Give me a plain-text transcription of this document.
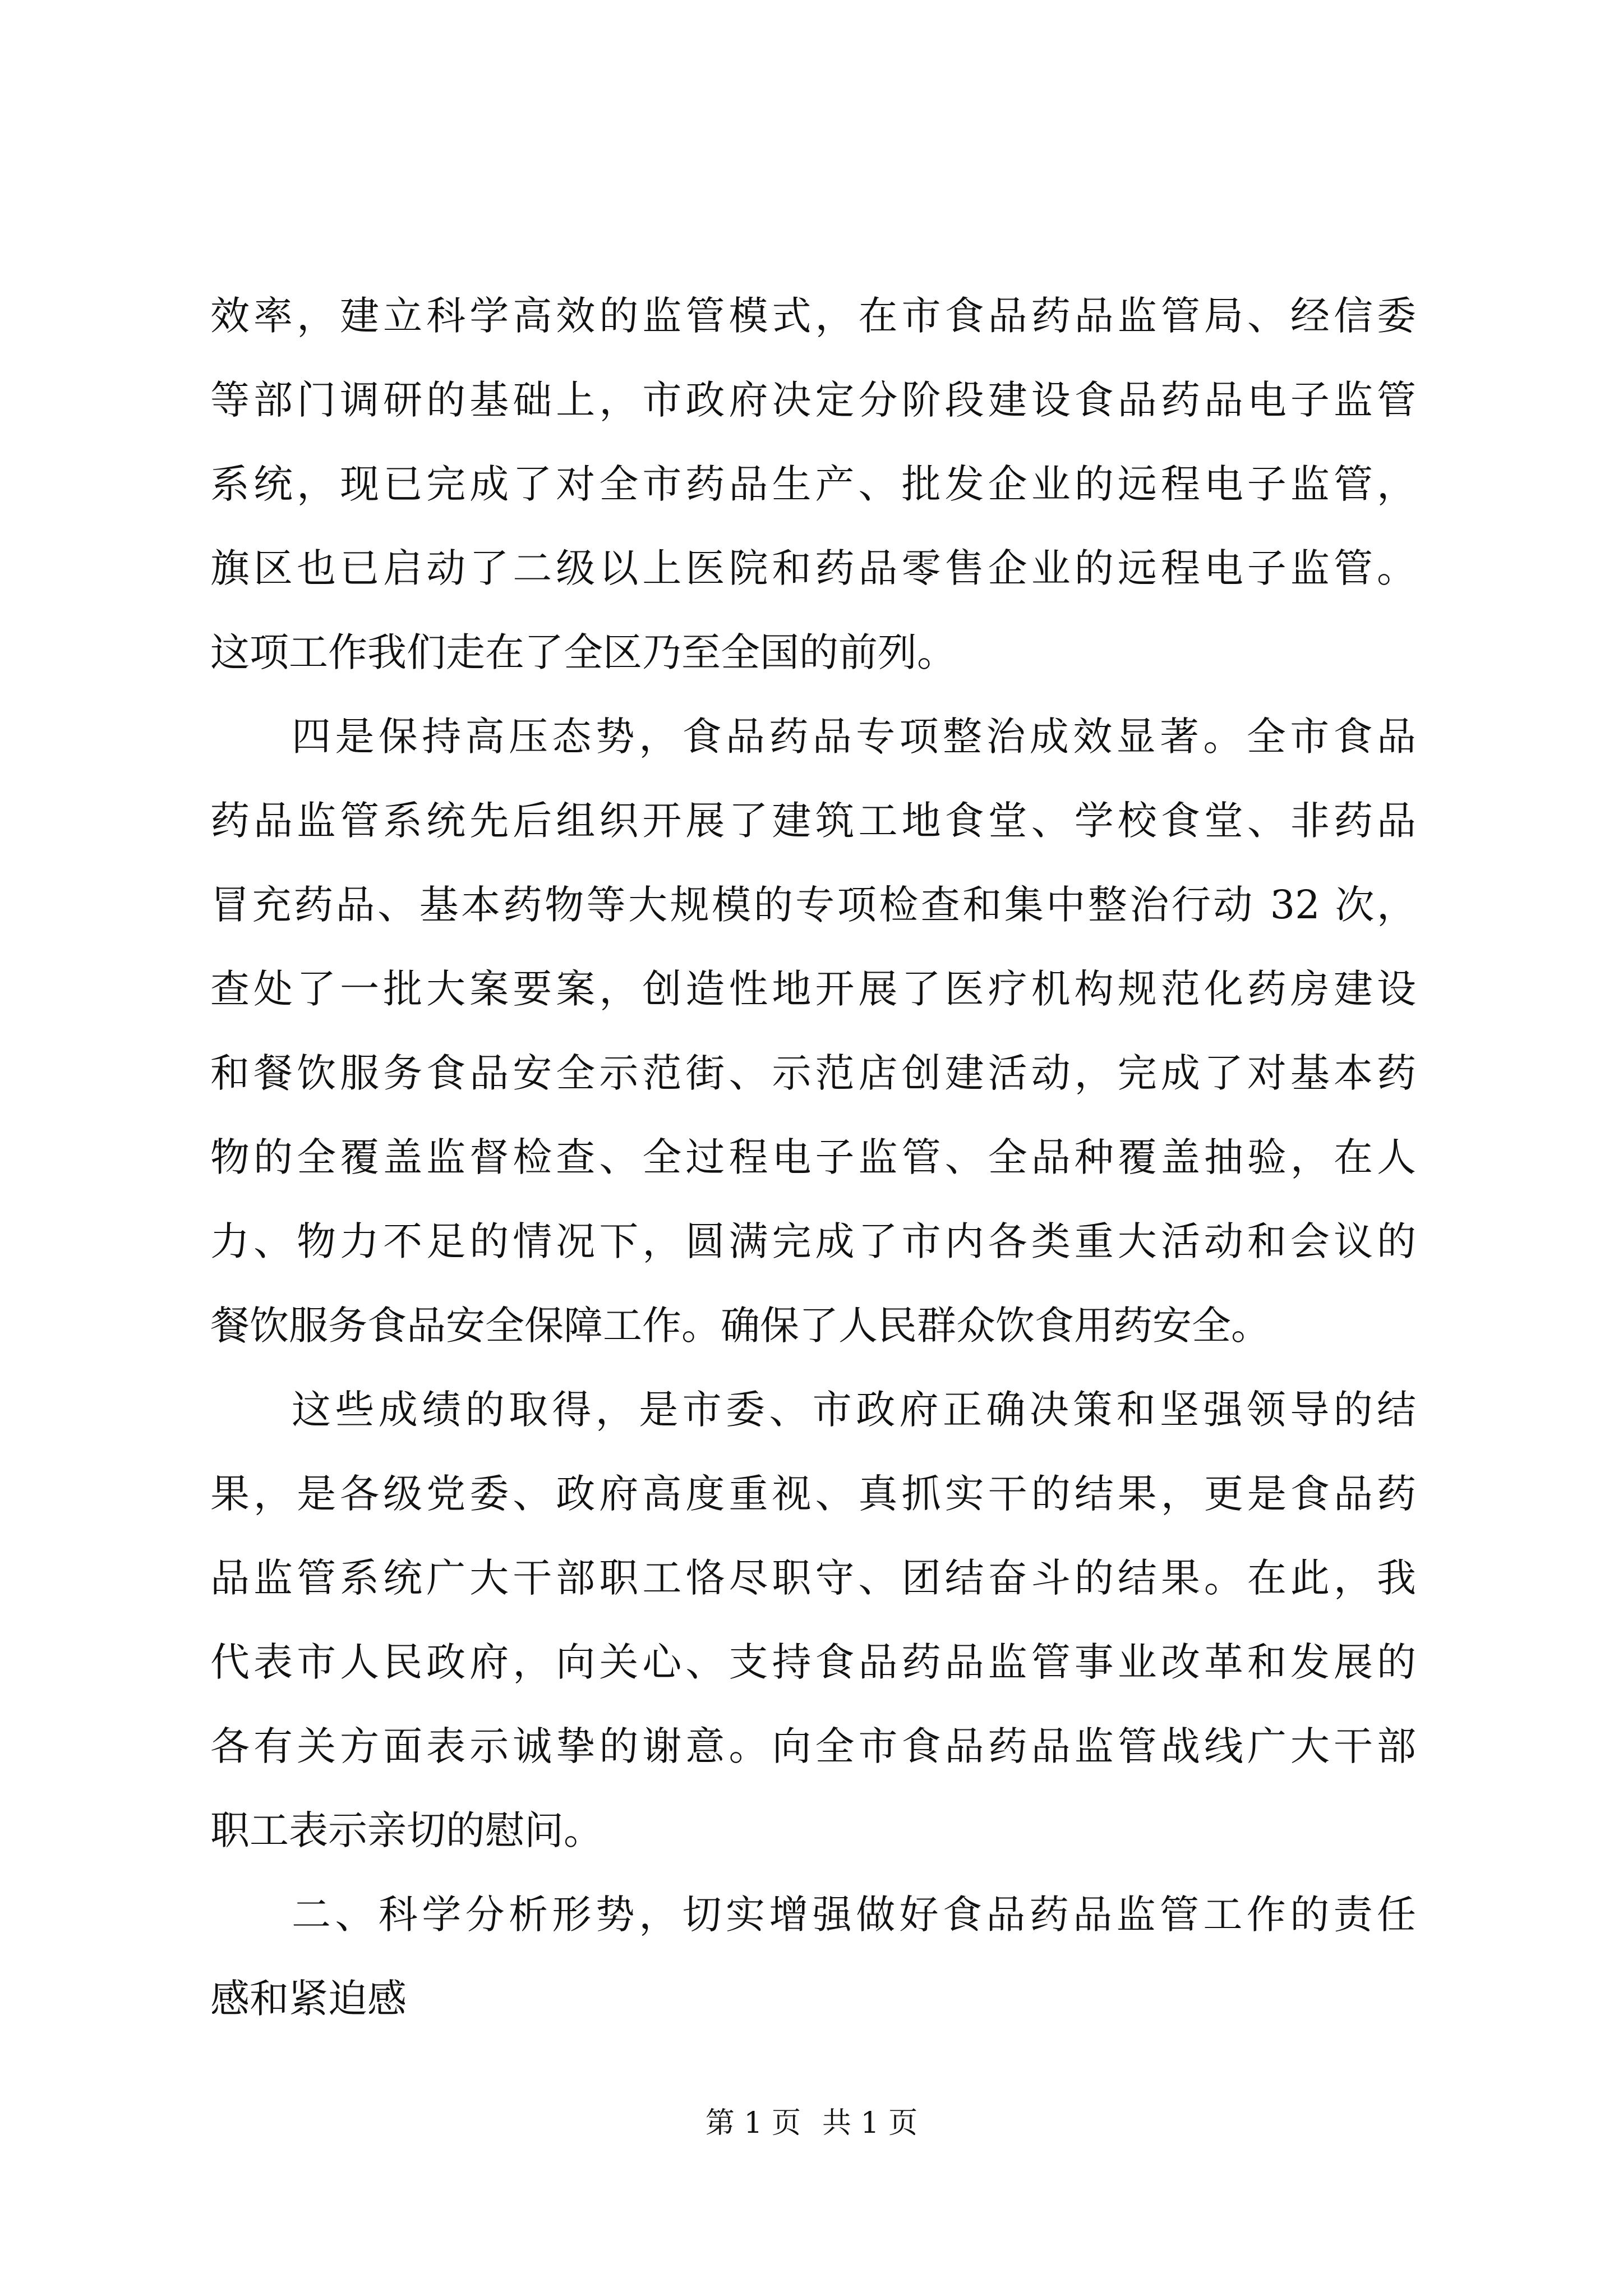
效率，建立科学高效的监管模式，在市食品药品监管局、经信委
等部门调研的基础上，市政府决定分阶段建设食品药品电子监管
系统，现已完成了对全市药品生产、批发企业的远程电子监管，
旗区也已启动了二级以上医院和药品零售企业的远程电子监管。
这项工作我们走在了全区乃至全国的前列。
四是保持高压态势，食品药品专项整治成效显著。全市食品
药品监管系统先后组织开展了建筑工地食堂、学校食堂、非药品
冒充药品、基本药物等大规模的专项检查和集中整治行动 32 次，
查处了一批大案要案，创造性地开展了医疗机构规范化药房建设
和餐饮服务食品安全示范街、示范店创建活动，完成了对基本药
物的全覆盖监督检查、全过程电子监管、全品种覆盖抽验，在人
力、物力不足的情况下，圆满完成了市内各类重大活动和会议的
餐饮服务食品安全保障工作。确保了人民群众饮食用药安全。
这些成绩的取得，是市委、市政府正确决策和坚强领导的结
果，是各级党委、政府高度重视、真抓实干的结果，更是食品药
品监管系统广大干部职工恪尽职守、团结奋斗的结果。在此，我
代表市人民政府，向关心、支持食品药品监管事业改革和发展的
各有关方面表示诚挚的谢意。向全市食品药品监管战线广大干部
职工表示亲切的慰问。
二、科学分析形势，切实增强做好食品药品监管工作的责任
感和紧迫感
第 1 页 共 1 页
